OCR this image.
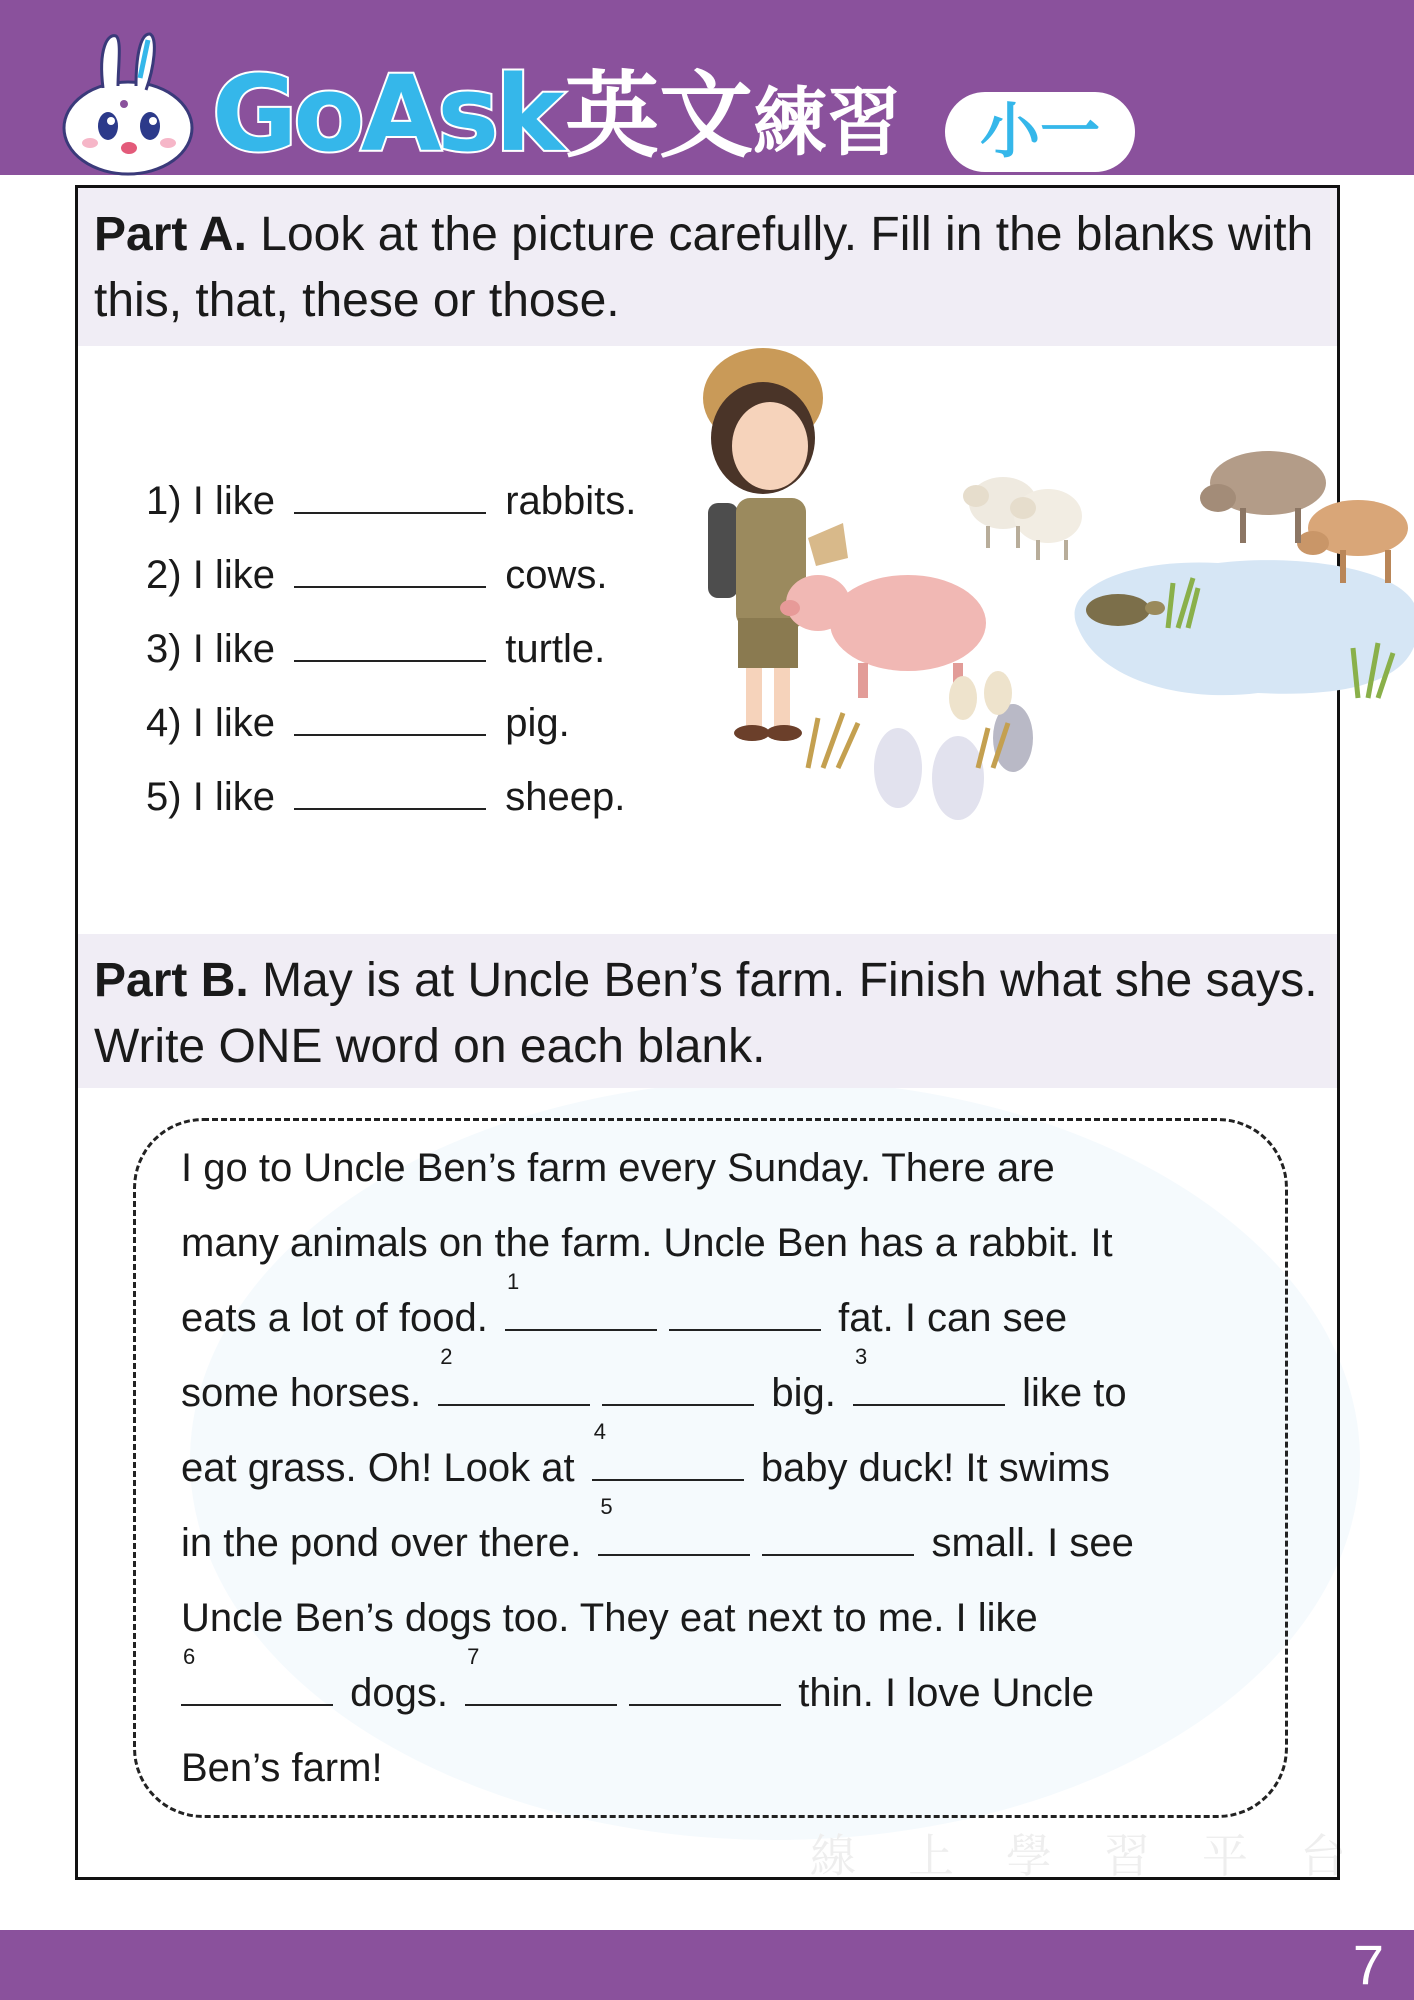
GoAsk 英文練習	小一
線上學習平台
Part A. Look at the picture carefully. Fill in the blanks with this, that, these or those.
1) I like	rabbits.
2) I like	cows.
3) I like	turtle.
4) I like	pig.
5) I like	sheep.
Part B. May is at Uncle Ben’s farm. Finish what she says. Write ONE word on each blank.
I go to Uncle Ben’s farm every Sunday. There are
many animals on the farm. Uncle Ben has a rabbit. It
eats a lot of food.
1
fat. I can see
some horses.
2
big.
3
like to
eat grass. Oh! Look at
4
baby duck! It swims
in the pond over there.
5
small. I see
Uncle Ben’s dogs too. They eat next to me. I like
6
dogs.
7
thin. I love Uncle
Ben’s farm!
7
